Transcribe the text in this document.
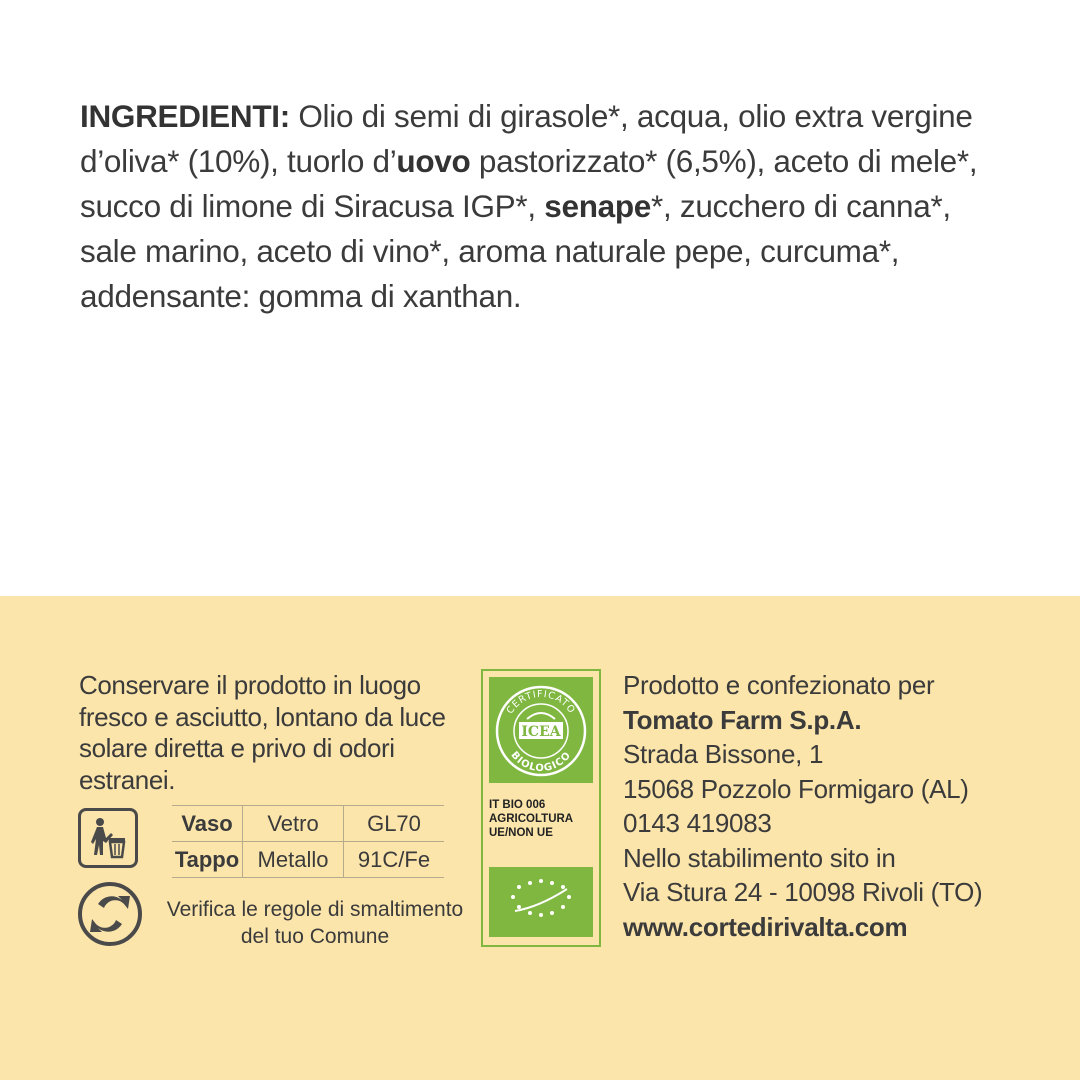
INGREDIENTI: Olio di semi di girasole*, acqua, olio extra vergine d’oliva* (10%), tuorlo d’uovo pastorizzato* (6,5%), aceto di mele*, succo di limone di Siracusa IGP*, senape*, zucchero di canna*, sale marino, aceto di vino*, aroma naturale pepe, curcuma*, addensante: gomma di xanthan.
Conservare il prodotto in luogo fresco e asciutto, lontano da luce solare diretta e privo di odori estranei.
Vaso	Vetro	GL70
Tappo	Metallo	91C/Fe
Verifica le regole di smaltimento del tuo Comune
CERTIFICATO
ICEA
BIOLOGICO
IT BIO 006
AGRICOLTURA
UE/NON UE
Prodotto e confezionato per
Tomato Farm S.p.A.
Strada Bissone, 1
15068 Pozzolo Formigaro (AL)
0143 419083
Nello stabilimento sito in
Via Stura 24 - 10098 Rivoli (TO)
www.cortedirivalta.com
